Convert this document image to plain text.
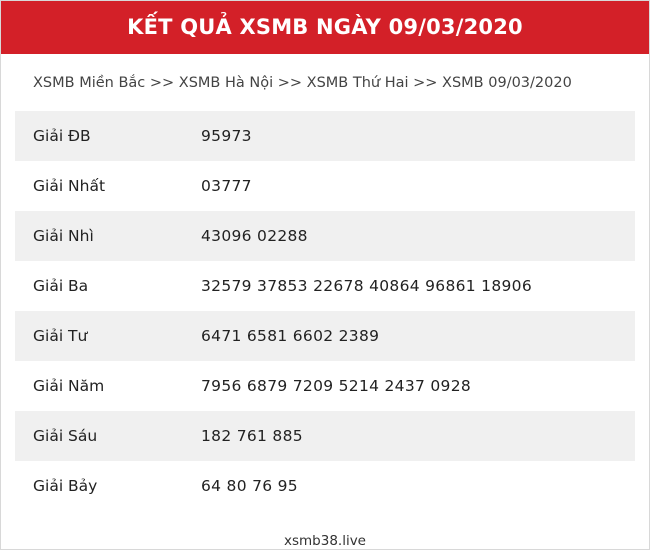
KẾT QUẢ XSMB NGÀY 09/03/2020
XSMB Miền Bắc >> XSMB Hà Nội >> XSMB Thứ Hai >> XSMB 09/03/2020
Giải ĐB	95973
Giải Nhất	03777
Giải Nhì	43096 02288
Giải Ba	32579 37853 22678 40864 96861 18906
Giải Tư	6471 6581 6602 2389
Giải Năm	7956 6879 7209 5214 2437 0928
Giải Sáu	182 761 885
Giải Bảy	64 80 76 95
xsmb38.live
